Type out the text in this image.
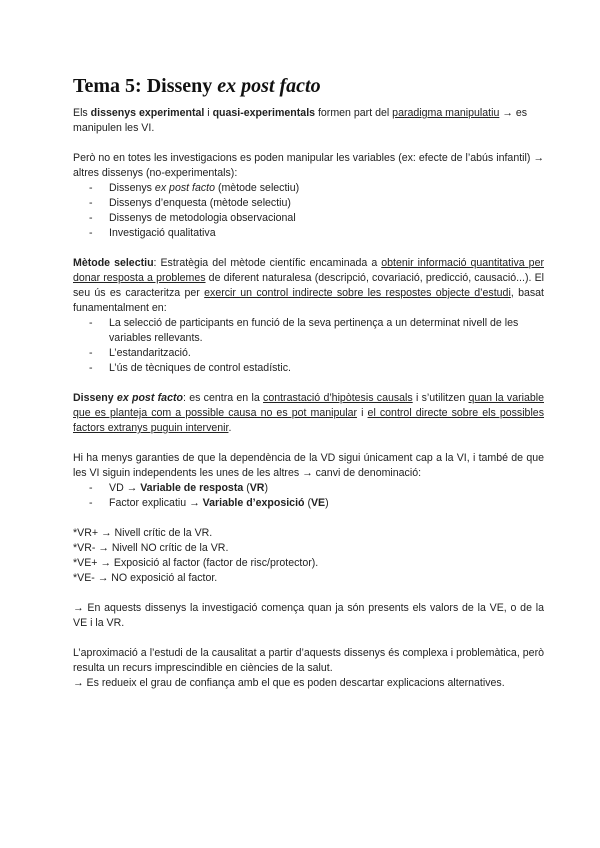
Tema 5: Disseny ex post facto

Els dissenys experimental i quasi-experimentals formen part del paradigma manipulatiu → es manipulen les VI.

Però no en totes les investigacions es poden manipular les variables (ex: efecte de l’abús infantil) → altres dissenys (no-experimentals):

- Dissenys ex post facto (mètode selectiu)
- Dissenys d’enquesta (mètode selectiu)
- Dissenys de metodologia observacional
- Investigació qualitativa

Mètode selectiu: Estratègia del mètode científic encaminada a obtenir informació quantitativa per donar resposta a problemes de diferent naturalesa (descripció, covariació, predicció, causació...). El seu ús es caracteritza per exercir un control indirecte sobre les respostes objecte d’estudi, basat funamentalment en:

- La selecció de participants en funció de la seva pertinença a un determinat nivell de les variables rellevants.
- L’estandarització.
- L’ús de tècniques de control estadístic.

Disseny ex post facto: es centra en la contrastació d’hipòtesis causals i s’utilitzen quan la variable que es planteja com a possible causa no es pot manipular i el control directe sobre els possibles factors extranys puguin intervenir.

Hi ha menys garanties de que la dependència de la VD sigui únicament cap a la VI, i també de que les VI siguin independents les unes de les altres → canvi de denominació:

- VD → Variable de resposta (VR)
- Factor explicatiu → Variable d’exposició (VE)

*VR+ → Nivell crític de la VR.

*VR- → Nivell NO crític de la VR.

*VE+ → Exposició al factor (factor de risc/protector).

*VE- → NO exposició al factor.

→ En aquests dissenys la investigació comença quan ja són presents els valors de la VE, o de la VE i la VR.

L’aproximació a l’estudi de la causalitat a partir d’aquests dissenys és complexa i problemàtica, però resulta un recurs imprescindible en ciències de la salut.

→ Es redueix el grau de confiança amb el que es poden descartar explicacions alternatives.
